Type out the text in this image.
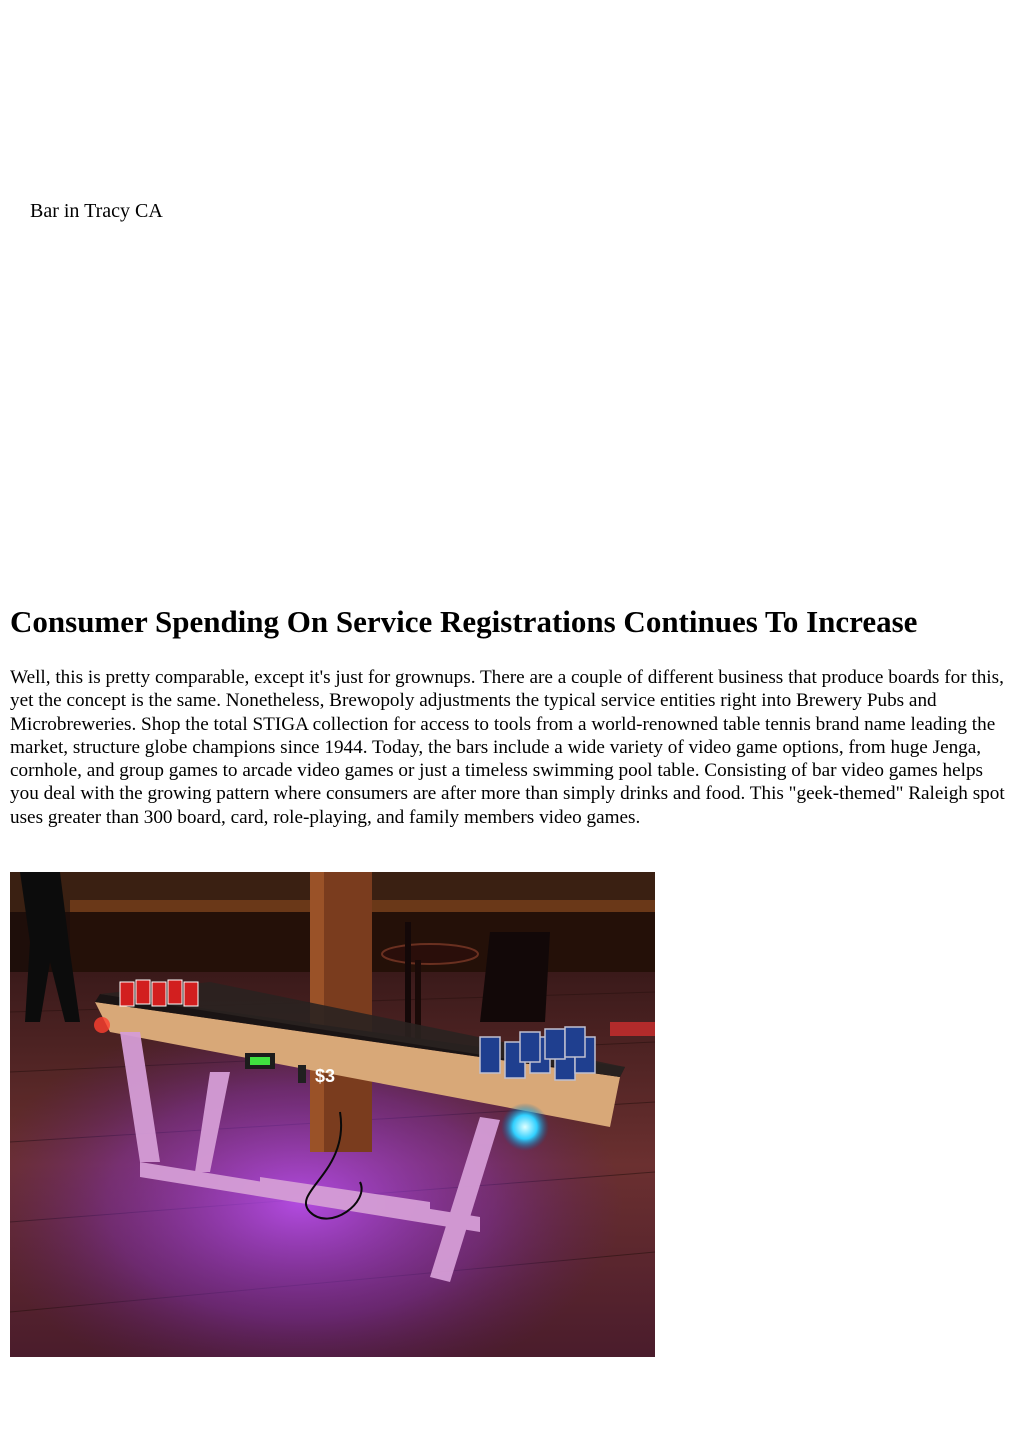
Bar in Tracy CA
Consumer Spending On Service Registrations Continues To Increase

Well, this is pretty comparable, except it's just for grownups. There are a couple of different business that produce boards for this, yet the concept is the same. Nonetheless, Brewopoly adjustments the typical service entities right into Brewery Pubs and Microbreweries. Shop the total STIGA collection for access to tools from a world-renowned table tennis brand name leading the market, structure globe champions since 1944. Today, the bars include a wide variety of video game options, from huge Jenga, cornhole, and group games to arcade video games or just a timeless swimming pool table. Consisting of bar video games helps you deal with the growing pattern where consumers are after more than simply drinks and food. This "geek-themed" Raleigh spot uses greater than 300 board, card, role-playing, and family members video games.

$3
